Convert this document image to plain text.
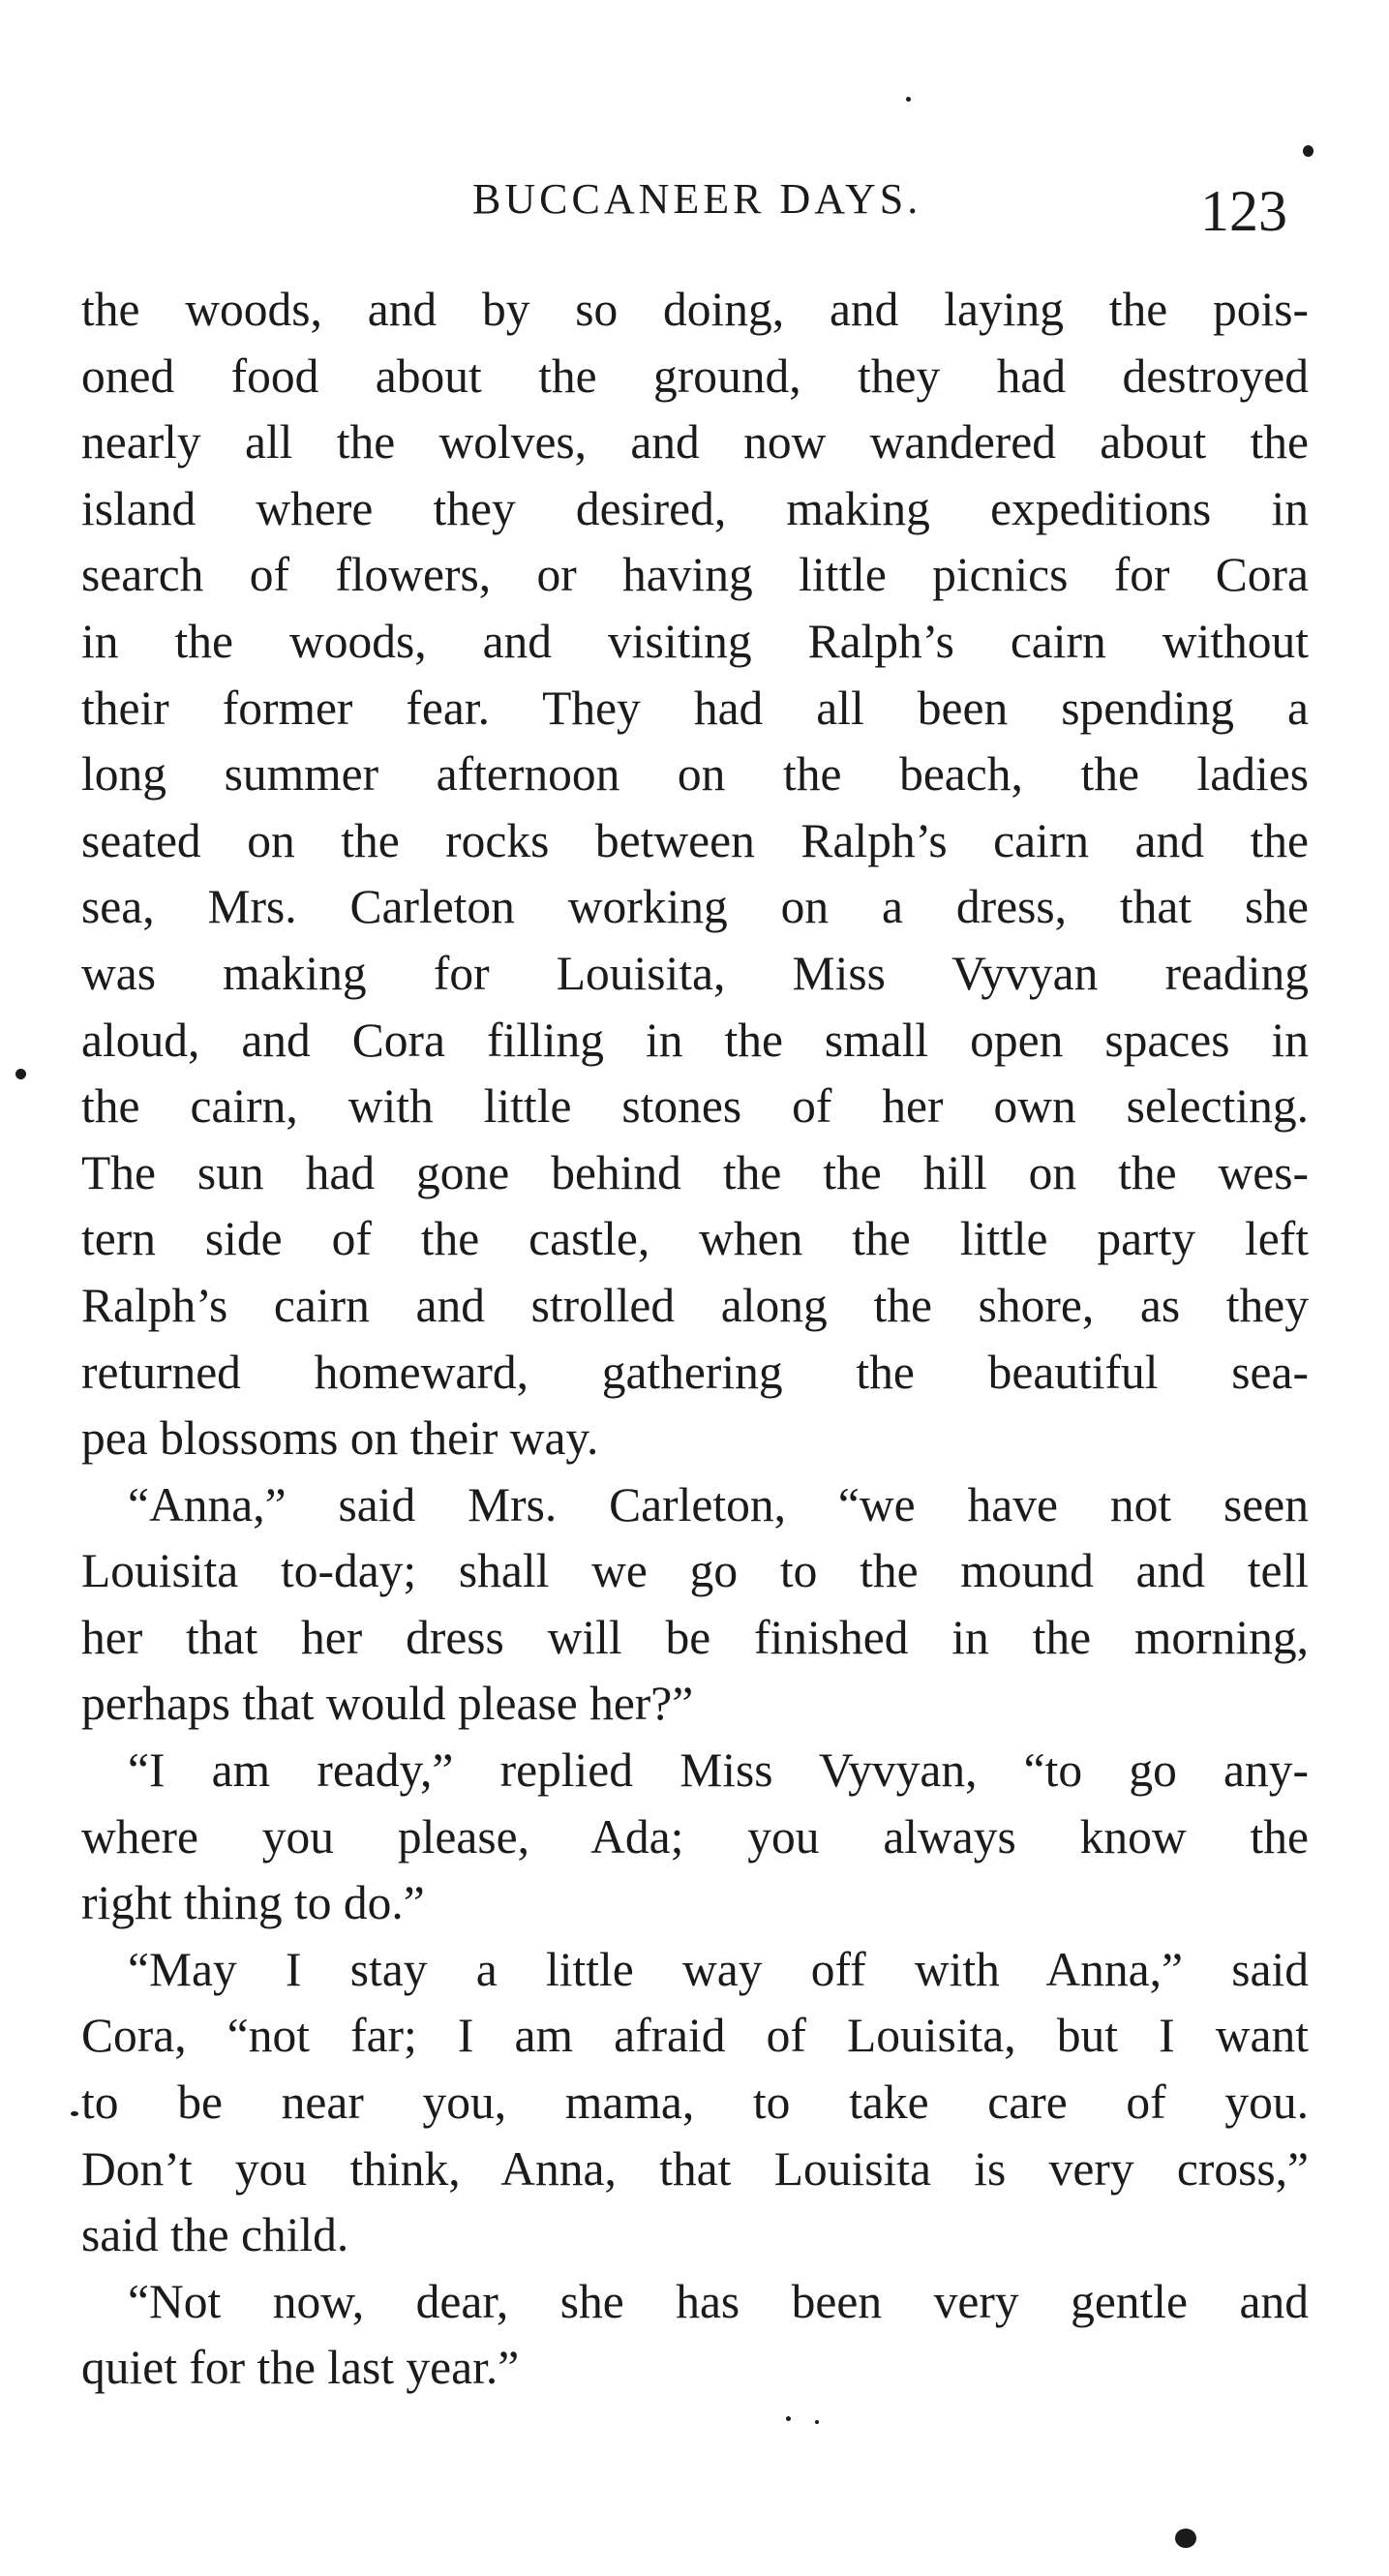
BUCCANEER DAYS.	123
the woods, and by so doing, and laying the pois-
oned food about the ground, they had destroyed
nearly all the wolves, and now wandered about the
island where they desired, making expeditions in
search of flowers, or having little picnics for Cora
in the woods, and visiting Ralph’s cairn without
their former fear. They had all been spending a
long summer afternoon on the beach, the ladies
seated on the rocks between Ralph’s cairn and the
sea, Mrs. Carleton working on a dress, that she
was making for Louisita, Miss Vyvyan reading
aloud, and Cora filling in the small open spaces in
the cairn, with little stones of her own selecting.
The sun had gone behind the the hill on the wes-
tern side of the castle, when the little party left
Ralph’s cairn and strolled along the shore, as they
returned homeward, gathering the beautiful sea-
pea blossoms on their way.
“Anna,” said Mrs. Carleton, “we have not seen
Louisita to-day; shall we go to the mound and tell
her that her dress will be finished in the morning,
perhaps that would please her?”
“I am ready,” replied Miss Vyvyan, “to go any-
where you please, Ada; you always know the
right thing to do.”
“May I stay a little way off with Anna,” said
Cora, “not far; I am afraid of Louisita, but I want
to be near you, mama, to take care of you.
Don’t you think, Anna, that Louisita is very cross,”
said the child.
“Not now, dear, she has been very gentle and
quiet for the last year.”
